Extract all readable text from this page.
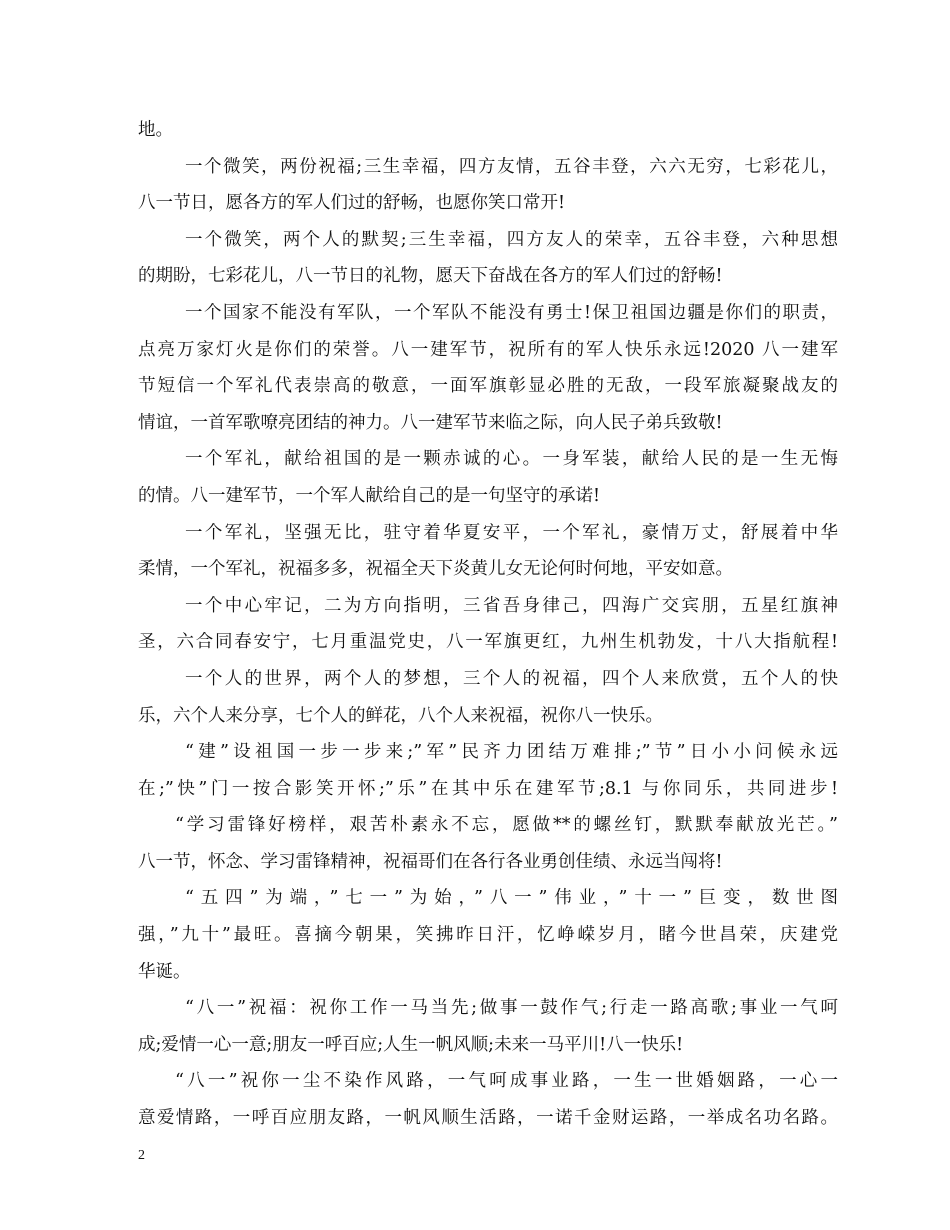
地。
一个微笑，两份祝福;三生幸福，四方友情，五谷丰登，六六无穷，七彩花儿，
八一节日，愿各方的军人们过的舒畅，也愿你笑口常开!
一个微笑，两个人的默契;三生幸福，四方友人的荣幸，五谷丰登，六种思想
的期盼，七彩花儿，八一节日的礼物，愿天下奋战在各方的军人们过的舒畅!
一个国家不能没有军队，一个军队不能没有勇士!保卫祖国边疆是你们的职责，
点亮万家灯火是你们的荣誉。八一建军节，祝所有的军人快乐永远!2020 八一建军
节短信一个军礼代表崇高的敬意，一面军旗彰显必胜的无敌，一段军旅凝聚战友的
情谊，一首军歌嘹亮团结的神力。八一建军节来临之际，向人民子弟兵致敬!
一个军礼，献给祖国的是一颗赤诚的心。一身军装，献给人民的是一生无悔
的情。八一建军节，一个军人献给自己的是一句坚守的承诺!
一个军礼，坚强无比，驻守着华夏安平，一个军礼，豪情万丈，舒展着中华
柔情，一个军礼，祝福多多，祝福全天下炎黄儿女无论何时何地，平安如意。
一个中心牢记，二为方向指明，三省吾身律己，四海广交宾朋，五星红旗神
圣，六合同春安宁，七月重温党史，八一军旗更红，九州生机勃发，十八大指航程!
一个人的世界，两个人的梦想，三个人的祝福，四个人来欣赏，五个人的快
乐，六个人来分享，七个人的鲜花，八个人来祝福，祝你八一快乐。
“建”设祖国一步一步来;”军”民齐力团结万难排;”节”日小小问候永远
在;”快”门一按合影笑开怀;”乐”在其中乐在建军节;8.1 与你同乐，共同进步!
“学习雷锋好榜样，艰苦朴素永不忘，愿做**的螺丝钉，默默奉献放光芒。”
八一节，怀念、学习雷锋精神，祝福哥们在各行各业勇创佳绩、永远当闯将!
“五四”为端，”七一”为始，”八一”伟业，”十一”巨变，数世图
强，”九十”最旺。喜摘今朝果，笑拂昨日汗，忆峥嵘岁月，睹今世昌荣，庆建党
华诞。
“八一”祝福：祝你工作一马当先;做事一鼓作气;行走一路高歌;事业一气呵
成;爱情一心一意;朋友一呼百应;人生一帆风顺;未来一马平川!八一快乐!
“八一”祝你一尘不染作风路，一气呵成事业路，一生一世婚姻路，一心一
意爱情路，一呼百应朋友路，一帆风顺生活路，一诺千金财运路，一举成名功名路。
2
